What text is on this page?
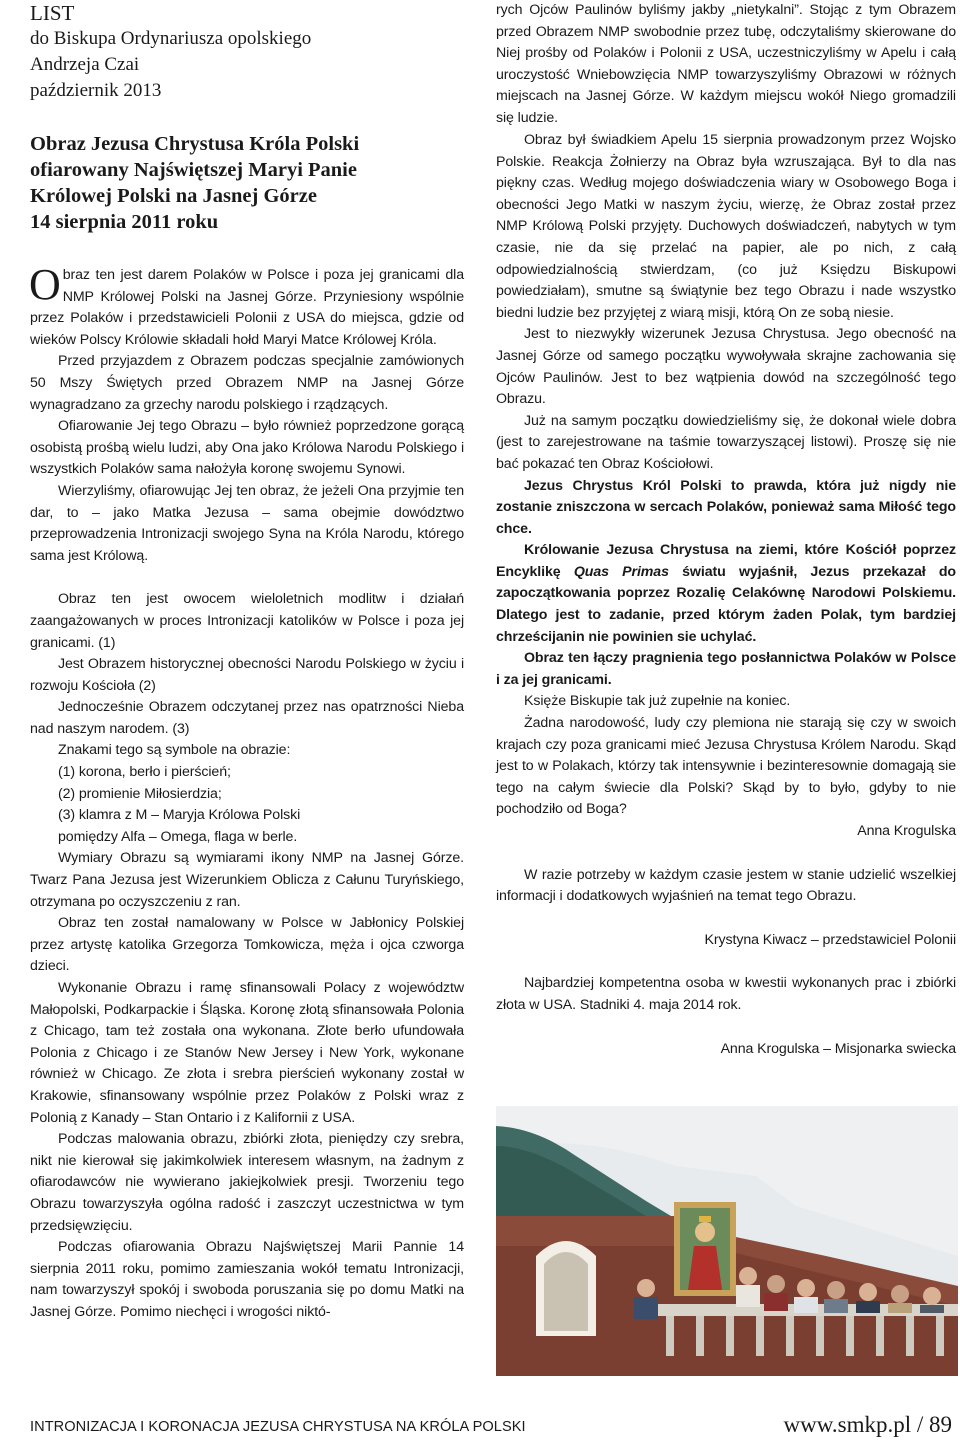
LIST
do Biskupa Ordynariusza opolskiego
Andrzeja Czai
październik 2013
Obraz Jezusa Chrystusa Króla Polski
ofiarowany Najświętszej Maryi Panie
Królowej Polski na Jasnej Górze
14 sierpnia 2011 roku

Obraz ten jest darem Polaków w Polsce i poza jej granicami dla NMP Królowej Polski na Jasnej Górze. Przyniesiony wspólnie przez Polaków i przedstawicieli Polonii z USA do miejsca, gdzie od wieków Polscy Królowie składali hołd Maryi Matce Królowej Króla.

Przed przyjazdem z Obrazem podczas specjalnie zamówionych 50 Mszy Świętych przed Obrazem NMP na Jasnej Górze wynagradzano za grzechy narodu polskiego i rządzących.

Ofiarowanie Jej tego Obrazu – było również poprzedzone gorącą osobistą prośbą wielu ludzi, aby Ona jako Królowa Narodu Polskiego i wszystkich Polaków sama nałożyła koronę swojemu Synowi.

Wierzyliśmy, ofiarowując Jej ten obraz, że jeżeli Ona przyjmie ten dar, to – jako Matka Jezusa – sama obejmie dowództwo przeprowadzenia Intronizacji swojego Syna na Króla Narodu, którego sama jest Królową.

Obraz ten jest owocem wieloletnich modlitw i działań zaangażowanych w proces Intronizacji katolików w Polsce i poza jej granicami. (1)

Jest Obrazem historycznej obecności Narodu Polskiego w życiu i rozwoju Kościoła (2)

Jednocześnie Obrazem odczytanej przez nas opatrzności Nieba nad naszym narodem. (3)

Znakami tego są symbole na obrazie:

(1) korona, berło i pierścień;

(2) promienie Miłosierdzia;

(3) klamra z M – Maryja Królowa Polski

pomiędzy Alfa – Omega, flaga w berle.

Wymiary Obrazu są wymiarami ikony NMP na Jasnej Górze. Twarz Pana Jezusa jest Wizerunkiem Oblicza z Całunu Turyńskiego, otrzymana po oczyszczeniu z ran.

Obraz ten został namalowany w Polsce w Jabłonicy Polskiej przez artystę katolika Grzegorza Tomkowicza, męża i ojca czworga dzieci.

Wykonanie Obrazu i ramę sfinansowali Polacy z województw Małopolski, Podkarpackie i Śląska. Koronę złotą sfinansowała Polonia z Chicago, tam też została ona wykonana. Złote berło ufundowała Polonia z Chicago i ze Stanów New Jersey i New York, wykonane również w Chicago. Ze złota i srebra pierścień wykonany został w Krakowie, sfinansowany wspólnie przez Polaków z Polski wraz z Polonią z Kanady – Stan Ontario i z Kalifornii z USA.

Podczas malowania obrazu, zbiórki złota, pieniędzy czy srebra, nikt nie kierował się jakimkolwiek interesem własnym, na żadnym z ofiarodawców nie wywierano jakiejkolwiek presji. Tworzeniu tego Obrazu towarzyszyła ogólna radość i zaszczyt uczestnictwa w tym przedsięwzięciu.

Podczas ofiarowania Obrazu Najświętszej Marii Pannie 14 sierpnia 2011 roku, pomimo zamieszania wokół tematu Intronizacji, nam towarzyszył spokój i swoboda poruszania się po domu Matki na Jasnej Górze. Pomimo niechęci i wrogości niktó-

rych Ojców Paulinów byliśmy jakby „nietykalni”. Stojąc z tym Obrazem przed Obrazem NMP swobodnie przez tubę, odczytaliśmy skierowane do Niej prośby od Polaków i Polonii z USA, uczestniczyliśmy w Apelu i całą uroczystość Wniebowzięcia NMP towarzyszyliśmy Obrazowi w różnych miejscach na Jasnej Górze. W każdym miejscu wokół Niego gromadzili się ludzie.

Obraz był świadkiem Apelu 15 sierpnia prowadzonym przez Wojsko Polskie. Reakcja Żołnierzy na Obraz była wzruszająca. Był to dla nas piękny czas. Według mojego doświadczenia wiary w Osobowego Boga i obecności Jego Matki w naszym życiu, wierzę, że Obraz został przez NMP Królową Polski przyjęty. Duchowych doświadczeń, nabytych w tym czasie, nie da się przelać na papier, ale po nich, z całą odpowiedzialnością stwierdzam, (co już Księdzu Biskupowi powiedziałam), smutne są świątynie bez tego Obrazu i nade wszystko biedni ludzie bez przyjętej z wiarą misji, którą On ze sobą niesie.

Jest to niezwykły wizerunek Jezusa Chrystusa. Jego obecność na Jasnej Górze od samego początku wywoływała skrajne zachowania się Ojców Paulinów. Jest to bez wątpienia dowód na szczególność tego Obrazu.

Już na samym początku dowiedzieliśmy się, że dokonał wiele dobra (jest to zarejestrowane na taśmie towarzyszącej listowi). Proszę się nie bać pokazać ten Obraz Kościołowi.

Jezus Chrystus Król Polski to prawda, która już nigdy nie zostanie zniszczona w sercach Polaków, ponieważ sama Miłość tego chce.

Królowanie Jezusa Chrystusa na ziemi, które Kościół poprzez Encyklikę Quas Primas światu wyjaśnił, Jezus przekazał do zapoczątkowania poprzez Rozalię Celakównę Narodowi Polskiemu. Dlatego jest to zadanie, przed którym żaden Polak, tym bardziej chrześcijanin nie powinien sie uchylać.

Obraz ten łączy pragnienia tego posłannictwa Polaków w Polsce i za jej granicami.

Księże Biskupie tak już zupełnie na koniec.

Żadna narodowość, ludy czy plemiona nie starają się czy w swoich krajach czy poza granicami mieć Jezusa Chrystusa Królem Narodu. Skąd jest to w Polakach, którzy tak intensywnie i bezinteresownie domagają sie tego na całym świecie dla Polski? Skąd by to było, gdyby to nie pochodziło od Boga?

Anna Krogulska

W razie potrzeby w każdym czasie jestem w stanie udzielić wszelkiej informacji i dodatkowych wyjaśnień na temat tego Obrazu.

Krystyna Kiwacz – przedstawiciel Polonii

Najbardziej kompetentna osoba w kwestii wykonanych prac i zbiórki złota w USA. Stadniki 4. maja 2014 rok.

Anna Krogulska – Misjonarka swiecka

INTRONIZACJA I KORONACJA JEZUSA CHRYSTUSA NA KRÓLA POLSKI	www.smkp.pl / 89
